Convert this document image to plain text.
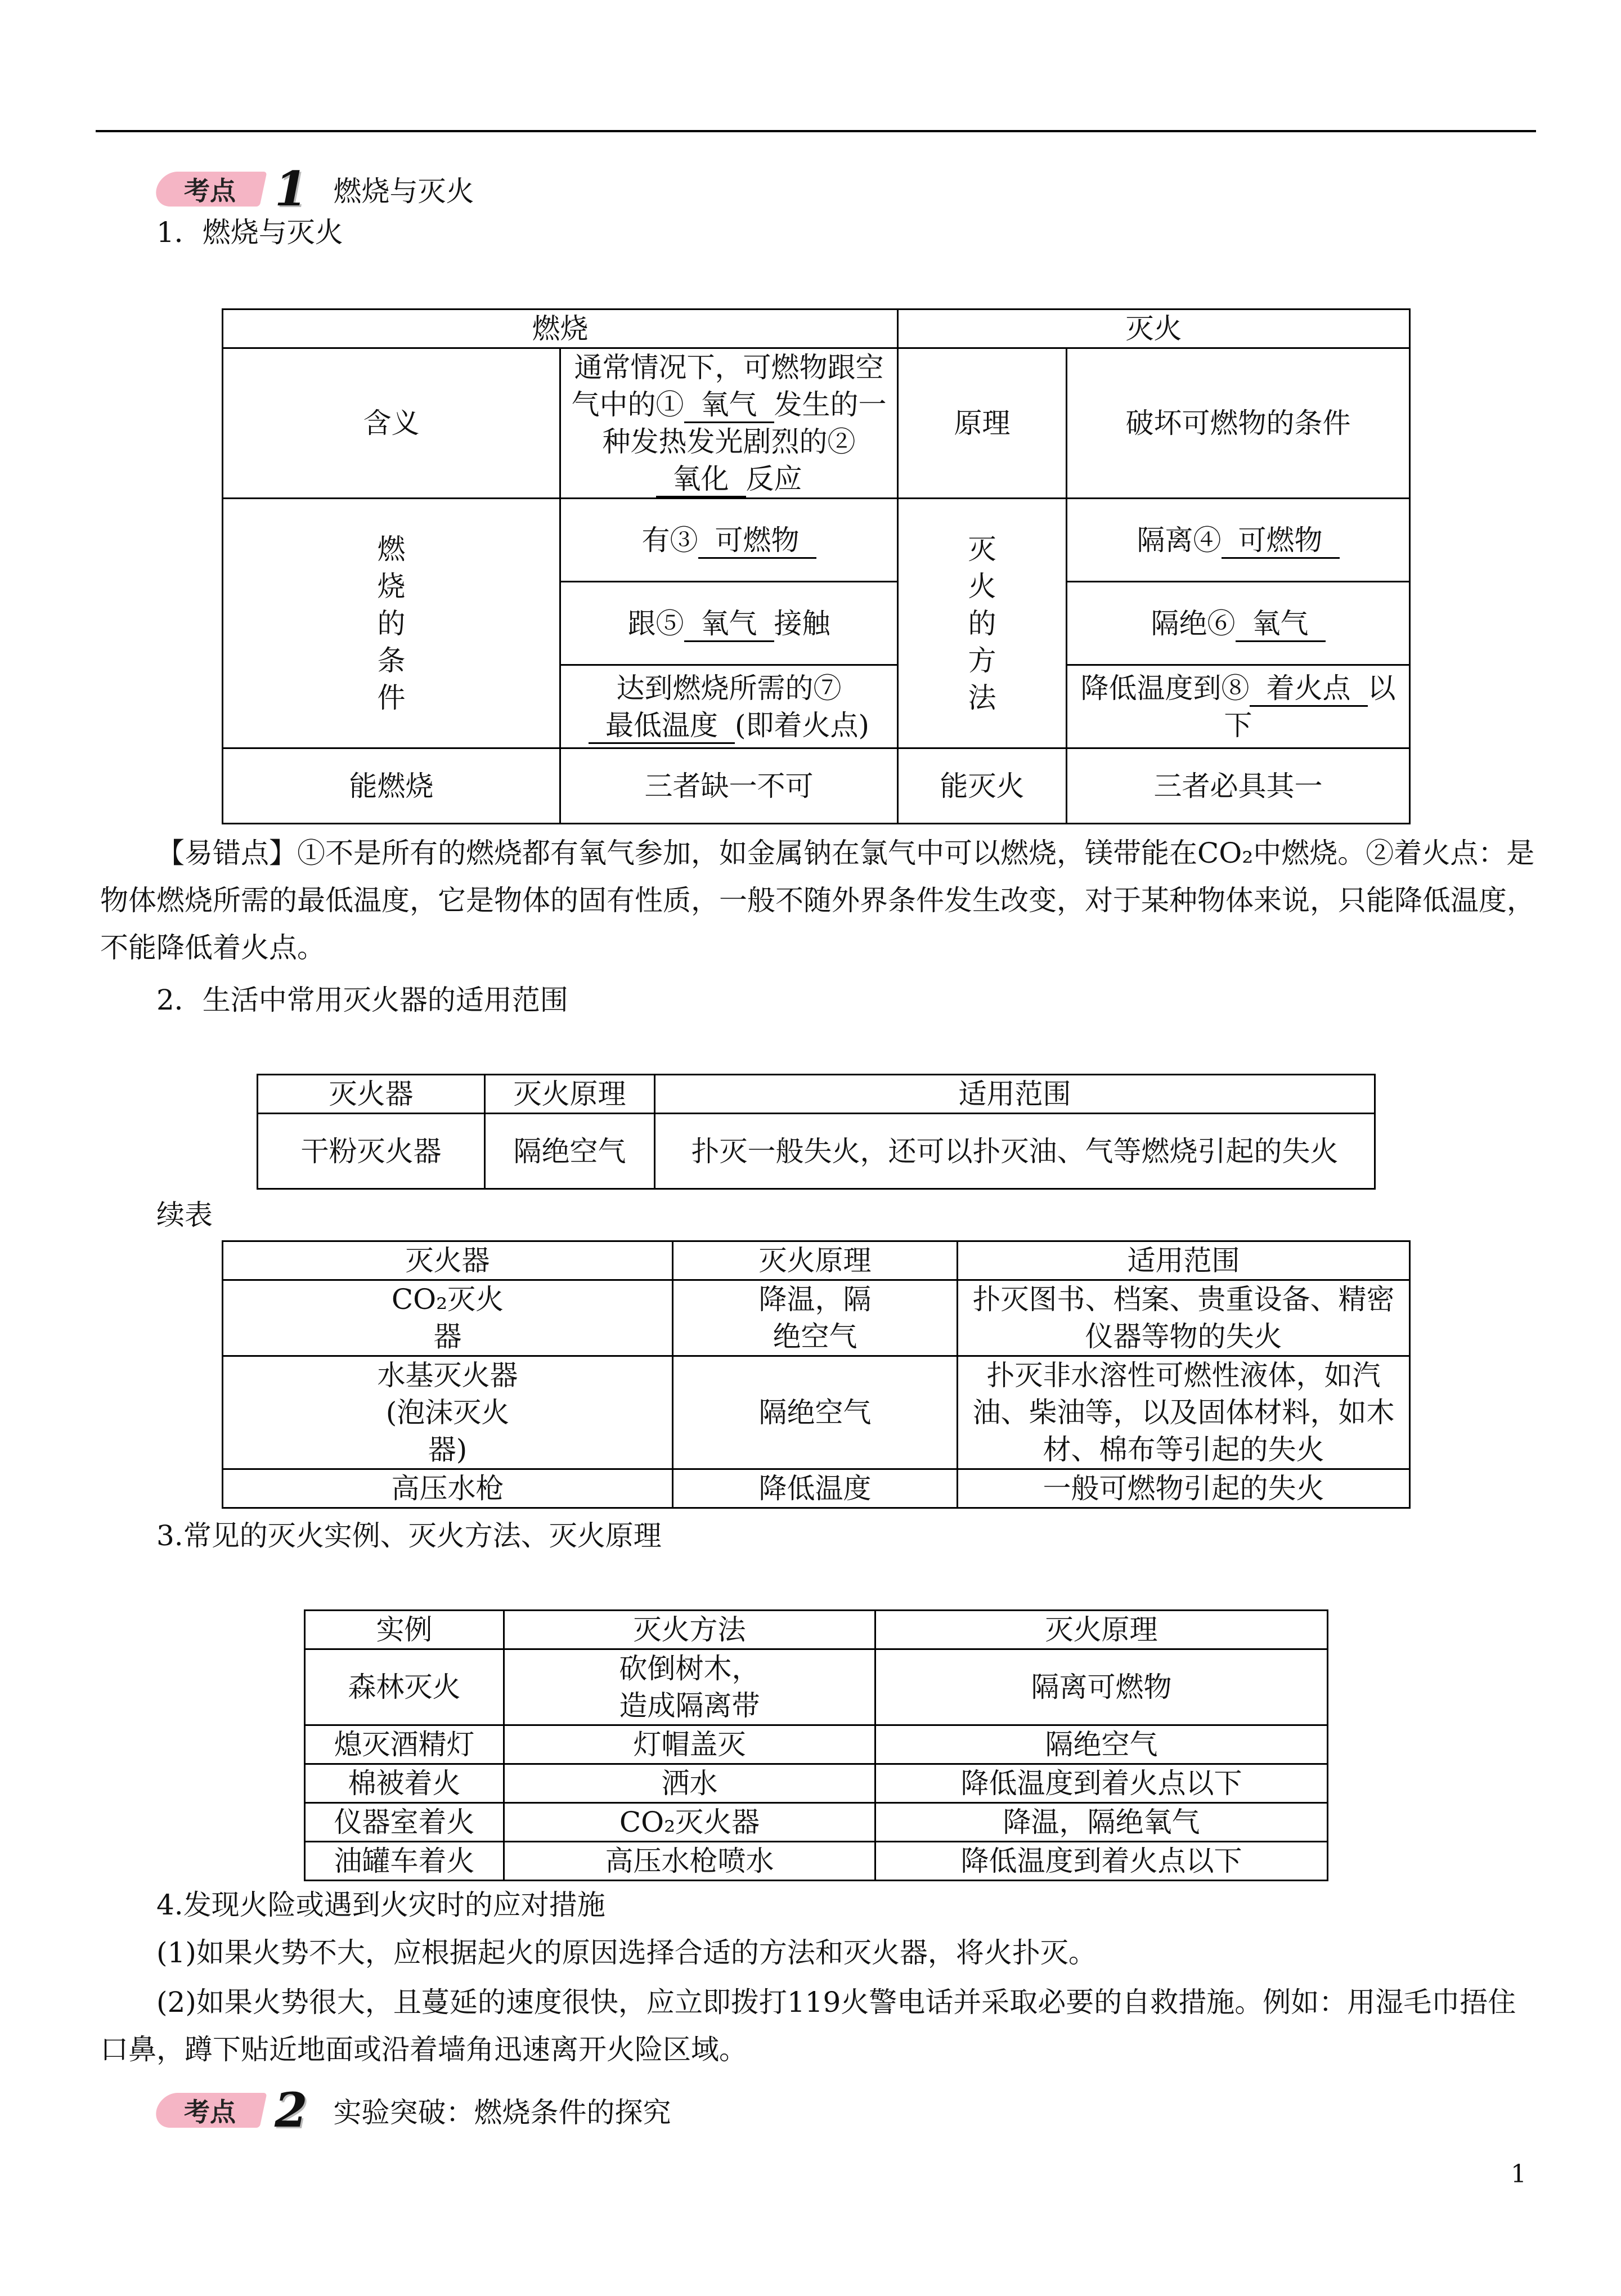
考点 1 燃烧与灭火
1．燃烧与灭火
燃烧		灭火	
含义	通常情况下，可燃物跟空气中的① 氧气 发生的一种发热发光剧烈的②氧化 反应	原理	破坏可燃物的条件
燃烧的条件	有③ 可燃物	灭火的方法	隔离④ 可燃物
	跟⑤ 氧气 接触		隔绝⑥ 氧气
	达到燃烧所需的⑦最低温度 (即着火点)		降低温度到⑧ 着火点 以下
能燃烧	三者缺一不可	能灭火	三者必具其一
【易错点】①不是所有的燃烧都有氧气参加，如金属钠在氯气中可以燃烧，镁带能在CO₂中燃烧。②着火点：是物体燃烧所需的最低温度，它是物体的固有性质，一般不随外界条件发生改变，对于某种物体来说，只能降低温度，不能降低着火点。
2．生活中常用灭火器的适用范围
灭火器	灭火原理	适用范围
干粉灭火器	隔绝空气	扑灭一般失火，还可以扑灭油、气等燃烧引起的失火
续表
灭火器	灭火原理	适用范围

CO₂灭火器	降温，隔绝空气	扑灭图书、档案、贵重设备、精密仪器等物的失火

水基灭火器(泡沫灭火器)	隔绝空气	扑灭非水溶性可燃性液体，如汽油、柴油等，以及固体材料，如木材、棉布等引起的失火
高压水枪	降低温度	一般可燃物引起的失火
3.常见的灭火实例、灭火方法、灭火原理
实例	灭火方法	灭火原理
森林灭火	砍倒树木，造成隔离带	隔离可燃物
熄灭酒精灯	灯帽盖灭	隔绝空气
棉被着火	洒水	降低温度到着火点以下
仪器室着火	CO₂灭火器	降温，隔绝氧气
油罐车着火	高压水枪喷水	降低温度到着火点以下
4.发现火险或遇到火灾时的应对措施
(1)如果火势不大，应根据起火的原因选择合适的方法和灭火器，将火扑灭。
(2)如果火势很大，且蔓延的速度很快，应立即拨打119火警电话并采取必要的自救措施。例如：用湿毛巾捂住口鼻，蹲下贴近地面或沿着墙角迅速离开火险区域。
考点 2 实验突破：燃烧条件的探究
1
